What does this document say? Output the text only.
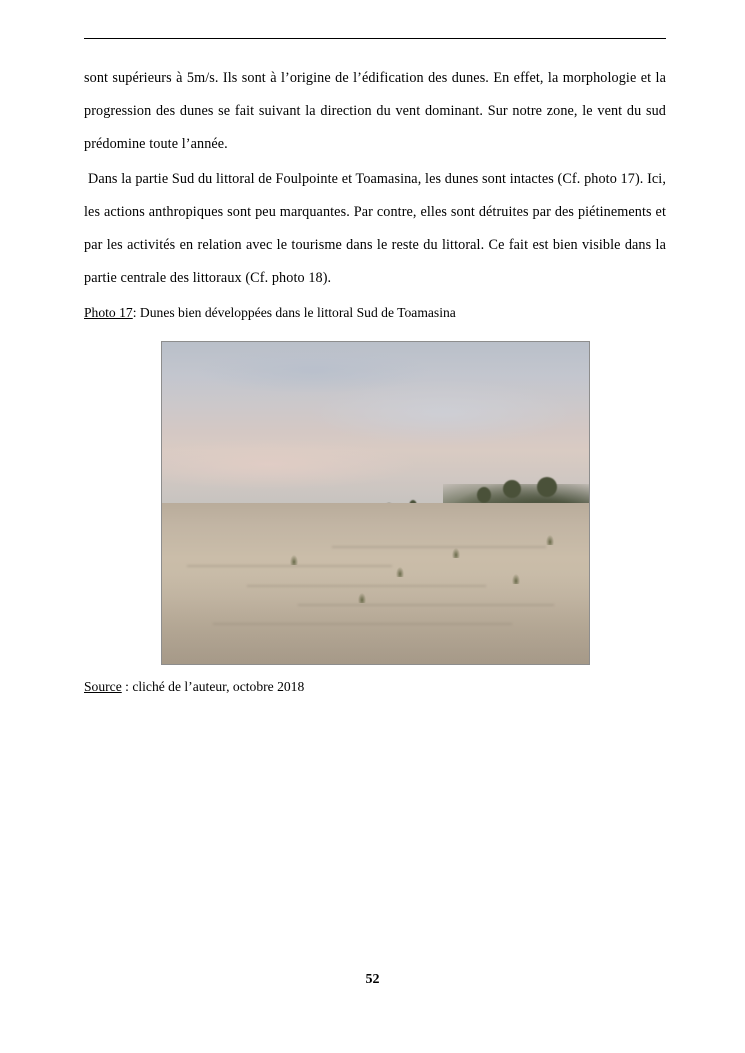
sont supérieurs à 5m/s. Ils sont à l’origine de l’édification des dunes. En effet, la morphologie et la progression des dunes se fait suivant la direction du vent dominant. Sur notre zone, le vent du sud prédomine toute l’année.

Dans la partie Sud du littoral de Foulpointe et Toamasina, les dunes sont intactes (Cf. photo 17). Ici, les actions anthropiques sont peu marquantes. Par contre, elles sont détruites par des piétinements et par les activités en relation avec le tourisme dans le reste du littoral. Ce fait est bien visible dans la partie centrale des littoraux (Cf. photo 18).

Photo 17: Dunes bien développées dans le littoral Sud de Toamasina
Source : cliché de l’auteur, octobre 2018
52
